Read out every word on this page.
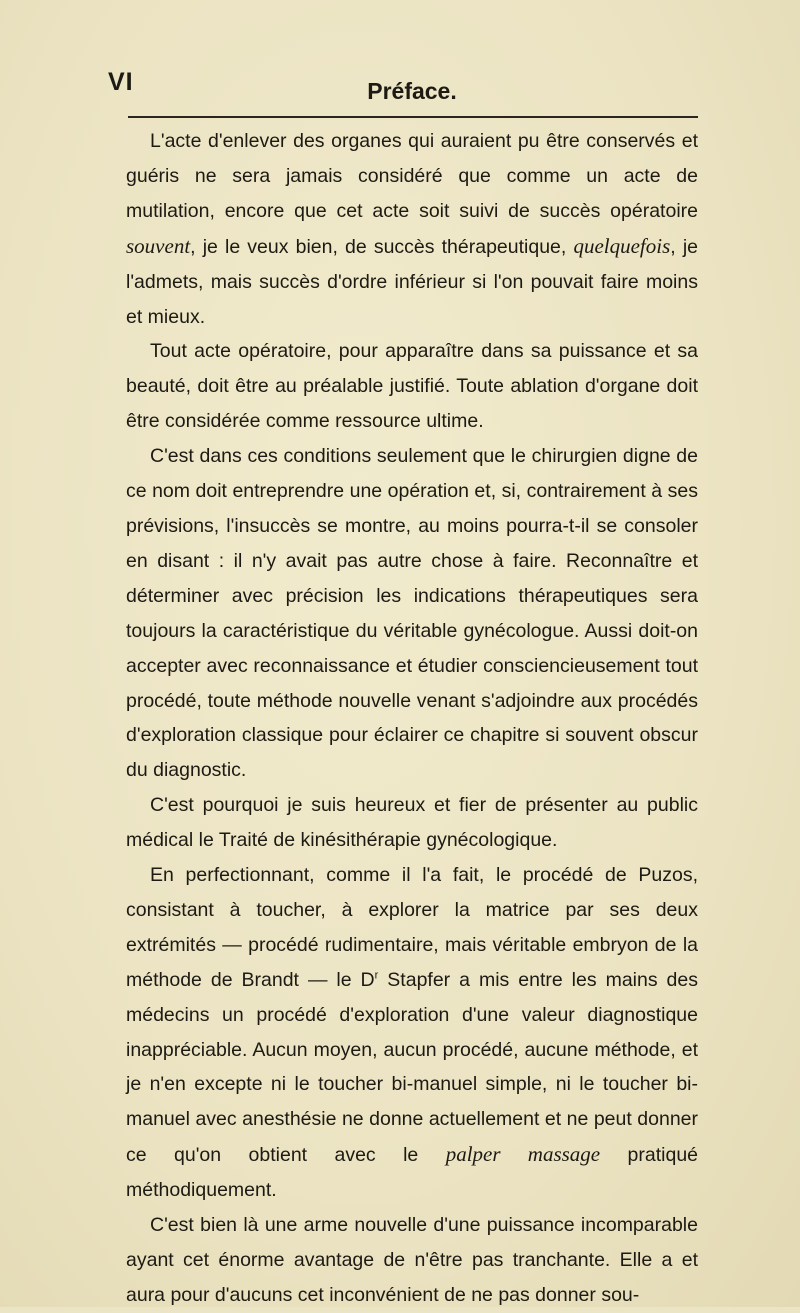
VI	Préface.

L'acte d'enlever des organes qui auraient pu être conservés et guéris ne sera jamais considéré que comme un acte de mutilation, encore que cet acte soit suivi de succès opératoire souvent, je le veux bien, de succès thérapeutique, quelquefois, je l'admets, mais succès d'ordre inférieur si l'on pouvait faire moins et mieux.

Tout acte opératoire, pour apparaître dans sa puissance et sa beauté, doit être au préalable justifié. Toute ablation d'organe doit être considérée comme ressource ultime.

C'est dans ces conditions seulement que le chirurgien digne de ce nom doit entreprendre une opération et, si, contrairement à ses prévisions, l'insuccès se montre, au moins pourra-t-il se consoler en disant : il n'y avait pas autre chose à faire. Reconnaître et déterminer avec précision les indications thérapeutiques sera toujours la caractéristique du véritable gynécologue. Aussi doit-on accepter avec reconnaissance et étudier consciencieusement tout procédé, toute méthode nouvelle venant s'adjoindre aux procédés d'exploration classique pour éclairer ce chapitre si souvent obscur du diagnostic.

C'est pourquoi je suis heureux et fier de présenter au public médical le Traité de kinésithérapie gynécologique.

En perfectionnant, comme il l'a fait, le procédé de Puzos, consistant à toucher, à explorer la matrice par ses deux extrémités — procédé rudimentaire, mais véritable embryon de la méthode de Brandt — le $D^r$ Stapfer a mis entre les mains des médecins un procédé d'exploration d'une valeur diagnostique inappréciable. Aucun moyen, aucun procédé, aucune méthode, et je n'en excepte ni le toucher bi-manuel simple, ni le toucher bi-manuel avec anesthésie ne donne actuellement et ne peut donner ce qu'on obtient avec le palper massage pratiqué méthodiquement.

C'est bien là une arme nouvelle d'une puissance incomparable ayant cet énorme avantage de n'être pas tranchante. Elle a et aura pour d'aucuns cet inconvénient de ne pas donner sou-
